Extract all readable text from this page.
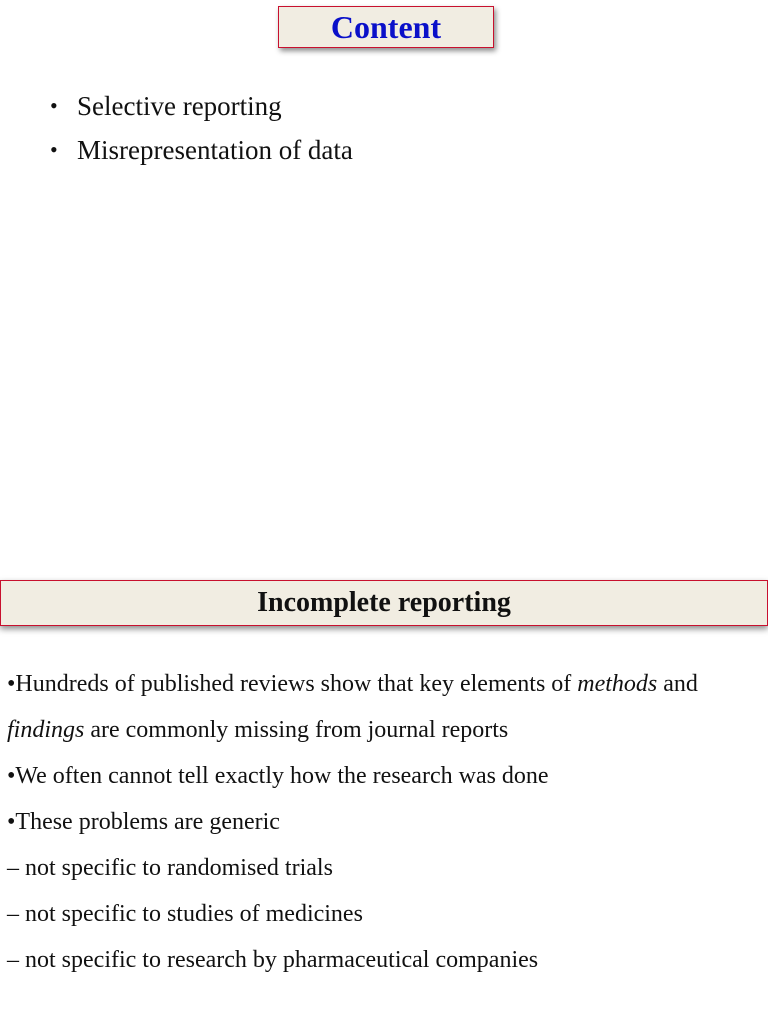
Content
• Selective reporting
• Misrepresentation of data
Incomplete reporting
•Hundreds of published reviews show that key elements of methods and
findings are commonly missing from journal reports
•We often cannot tell exactly how the research was done
•These problems are generic
– not specific to randomised trials
– not specific to studies of medicines
– not specific to research by pharmaceutical companies
